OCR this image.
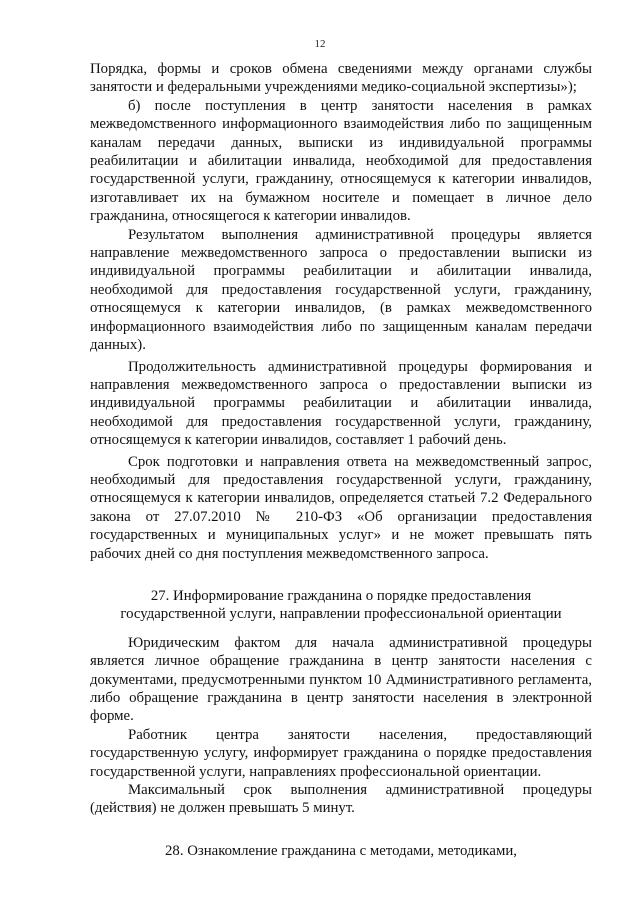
12

Порядка, формы и сроков обмена сведениями между органами службы занятости и федеральными учреждениями медико-социальной экспертизы»);

б) после поступления в центр занятости населения в рамках межведомственного информационного взаимодействия либо по защищенным каналам передачи данных, выписки из индивидуальной программы реабилитации и абилитации инвалида, необходимой для предоставления государственной услуги, гражданину, относящемуся к категории инвалидов, изготавливает их на бумажном носителе и помещает в личное дело гражданина, относящегося к категории инвалидов.

Результатом выполнения административной процедуры является направление межведомственного запроса о предоставлении выписки из индивидуальной программы реабилитации и абилитации инвалида, необходимой для предоставления государственной услуги, гражданину, относящемуся к категории инвалидов, (в рамках межведомственного информационного взаимодействия либо по защищенным каналам передачи данных).

Продолжительность административной процедуры формирования и направления межведомственного запроса о предоставлении выписки из индивидуальной программы реабилитации и абилитации инвалида, необходимой для предоставления государственной услуги, гражданину, относящемуся к категории инвалидов, составляет 1 рабочий день.

Срок подготовки и направления ответа на межведомственный запрос, необходимый для предоставления государственной услуги, гражданину, относящемуся к категории инвалидов, определяется статьей 7.2 Федерального закона от 27.07.2010 № 210-ФЗ «Об организации предоставления государственных и муниципальных услуг» и не может превышать пять рабочих дней со дня поступления межведомственного запроса.

27. Информирование гражданина о порядке предоставления государственной услуги, направлении профессиональной ориентации

Юридическим фактом для начала административной процедуры является личное обращение гражданина в центр занятости населения с документами, предусмотренными пунктом 10 Административного регламента, либо обращение гражданина в центр занятости населения в электронной форме.

Работник центра занятости населения, предоставляющий государственную услугу, информирует гражданина о порядке предоставления государственной услуги, направлениях профессиональной ориентации.

Максимальный срок выполнения административной процедуры (действия) не должен превышать 5 минут.

28. Ознакомление гражданина с методами, методиками,
